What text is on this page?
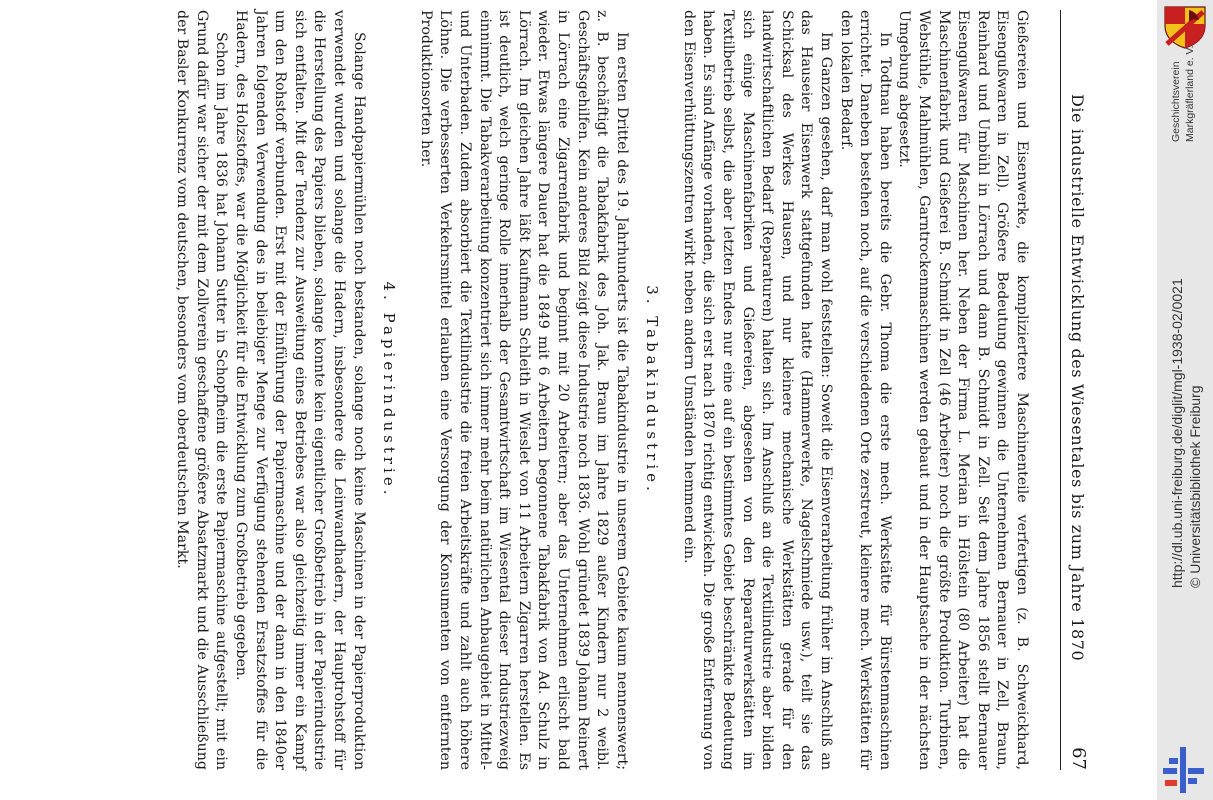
Die industrielle Entwicklung des Wiesentales bis zum Jahre 1870
67

Gießereien und Eisenwerke, die kompliziertere Maschinenteile verfertigen (z. B. Schweickhard, Eisengußwaren in Zell). Größere Bedeutung gewinnen die Unternehmen Bernauer in Zell, Braun, Reinhard und Umbühl in Lörrach und dann B. Schmidt in Zell. Seit dem Jahre 1856 stellt Bernauer Eisengußwaren für Maschinen her. Neben der Firma L. Merian in Hölstein (80 Arbeiter) hat die Maschinenfabrik und Gießerei B. Schmidt in Zell (46 Arbeiter) noch die größte Produktion. Turbinen, Webstühle, Mahlmühlen, Garntrockenmaschinen werden gebaut und in der Hauptsache in der nächsten Umgebung abgesetzt.

In Todtnau haben bereits die Gebr. Thoma die erste mech. Werkstätte für Bürstenmaschinen errichtet. Daneben bestehen noch, auf die verschiedenen Orte zerstreut, kleinere mech. Werkstätten für den lokalen Bedarf.

Im Ganzen gesehen, darf man wohl feststellen: Soweit die Eisenverarbeitung früher im Anschluß an das Hauseier Eisenwerk stattgefunden hatte (Hammerwerke, Nagelschmiede usw.), teilt sie das Schicksal des Werkes Hausen, und nur kleinere mechanische Werkstätten gerade für den landwirtschaftlichen Bedarf (Reparaturen) halten sich. Im Anschluß an die Textilindustrie aber bilden sich einige Maschinenfabriken und Gießereien, abgesehen von den Reparaturwerkstätten im Textilbetrieb selbst, die aber letzten Endes nur eine auf ein bestimmtes Gebiet beschränkte Bedeutung haben. Es sind Anfänge vorhanden, die sich erst nach 1870 richtig entwickeln. Die große Entfernung von den Eisenverhüttungszentren wirkt neben andern Umständen hemmend ein.

3. Tabakindustrie.

Im ersten Drittel des 19. Jahrhunderts ist die Tabakindustrie in unserem Gebiete kaum nennenswert; z. B. beschäftigt die Tabakfabrik des Joh. Jak. Braun im Jahre 1829 außer Kindern nur 2 weibl. Geschäftsgehilfen. Kein anderes Bild zeigt diese Industrie noch 1836. Wohl gründet 1839 Johann Reinert in Lörrach eine Zigarrenfabrik und beginnt mit 20 Arbeitern; aber das Unternehmen erlischt bald wieder. Etwas längere Dauer hat die 1849 mit 6 Arbeitern begonnene Tabakfabrik von Ad. Schulz in Lörrach. Im gleichen Jahre läßt Kaufmann Schleith in Wieslet von 11 Arbeitern Zigarren herstellen. Es ist deutlich, welch geringe Rolle innerhalb der Gesamtwirtschaft im Wiesental dieser Industriezweig einnimmt. Die Tabakverarbeitung konzentriert sich immer mehr beim natürlichen Anbaugebiet in Mittel- und Unterbaden. Zudem absorbiert die Textilindustrie die freien Arbeitskräfte und zahlt auch höhere Löhne. Die verbesserten Verkehrsmittel erlauben eine Versorgung der Konsumenten von entfernten Produktionsorten her.

4. Papierindustrie.

Solange Handpapiermühlen noch bestanden, solange noch keine Maschinen in der Papierproduktion verwendet wurden und solange die Hadern, insbesondere die Leinwandhadern, der Hauptrohstoff für die Herstellung des Papiers blieben, solange konnte kein eigentlicher Großbetrieb in der Papierindustrie sich entfalten. Mit der Tendenz zur Ausweitung eines Betriebes war also gleichzeitig immer ein Kampf um den Rohstoff verbunden. Erst mit der Einführung der Papiermaschine und der dann in den 1840er Jahren folgenden Verwendung des in beliebiger Menge zur Verfügung stehenden Ersatzstoffes für die Hadern, des Holzstoffes, war die Möglichkeit für die Entwicklung zum Großbetrieb gegeben.

Schon im Jahre 1836 hat Johann Sutter in Schopfheim die erste Papiermaschine aufgestellt; mit ein Grund dafür war sicher der mit dem Zollverein geschaffene größere Absatzmarkt und die Ausschließung der Basler Konkurrenz vom deutschen, besonders vom oberdeutschen Markt.	http://dl.ub.uni-freiburg.de/diglit/mgl-1938-02/0021 © Universitätsbibliothek Freiburg
Geschichtsverein Markgräflerland e. V.
